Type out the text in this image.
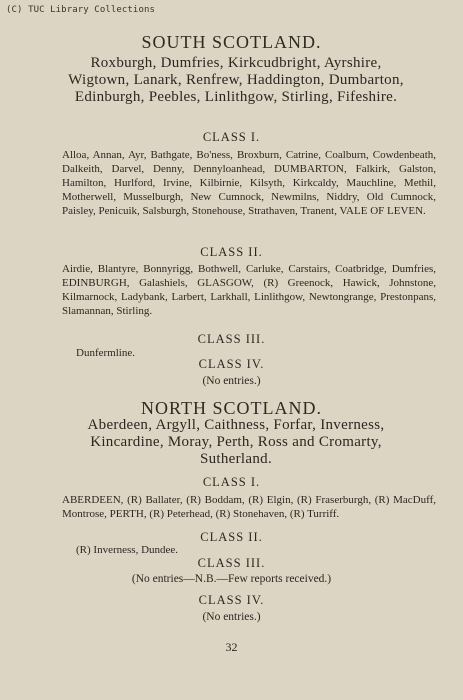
(C) TUC Library Collections
SOUTH SCOTLAND.
Roxburgh, Dumfries, Kirkcudbright, Ayrshire, Wigtown, Lanark, Renfrew, Haddington, Dumbarton, Edinburgh, Peebles, Linlithgow, Stirling, Fifeshire.
CLASS I.
Alloa, Annan, Ayr, Bathgate, Bo'ness, Broxburn, Catrine, Coalburn, Cowdenbeath, Dalkeith, Darvel, Denny, Dennyloanhead, DUMBARTON, Falkirk, Galston, Hamilton, Hurlford, Irvine, Kilbirnie, Kilsyth, Kirkcaldy, Mauchline, Methil, Motherwell, Musselburgh, New Cumnock, Newmilns, Niddry, Old Cumnock, Paisley, Penicuik, Salsburgh, Stonehouse, Strathaven, Tranent, VALE OF LEVEN.
CLASS II.
Airdie, Blantyre, Bonnyrigg, Bothwell, Carluke, Carstairs, Coatbridge, Dumfries, EDINBURGH, Galashiels, GLASGOW, (R) Greenock, Hawick, Johnstone, Kilmarnock, Ladybank, Larbert, Larkhall, Linlithgow, Newtongrange, Prestonpans, Slamannan, Stirling.
CLASS III.
Dunfermline.
CLASS IV.
(No entries.)
NORTH SCOTLAND.
Aberdeen, Argyll, Caithness, Forfar, Inverness, Kincardine, Moray, Perth, Ross and Cromarty, Sutherland.
CLASS I.
ABERDEEN, (R) Ballater, (R) Boddam, (R) Elgin, (R) Fraserburgh, (R) MacDuff, Montrose, PERTH, (R) Peterhead, (R) Stonehaven, (R) Turriff.
CLASS II.
(R) Inverness, Dundee.
CLASS III.
(No entries—N.B.—Few reports received.)
CLASS IV.
(No entries.)
32
